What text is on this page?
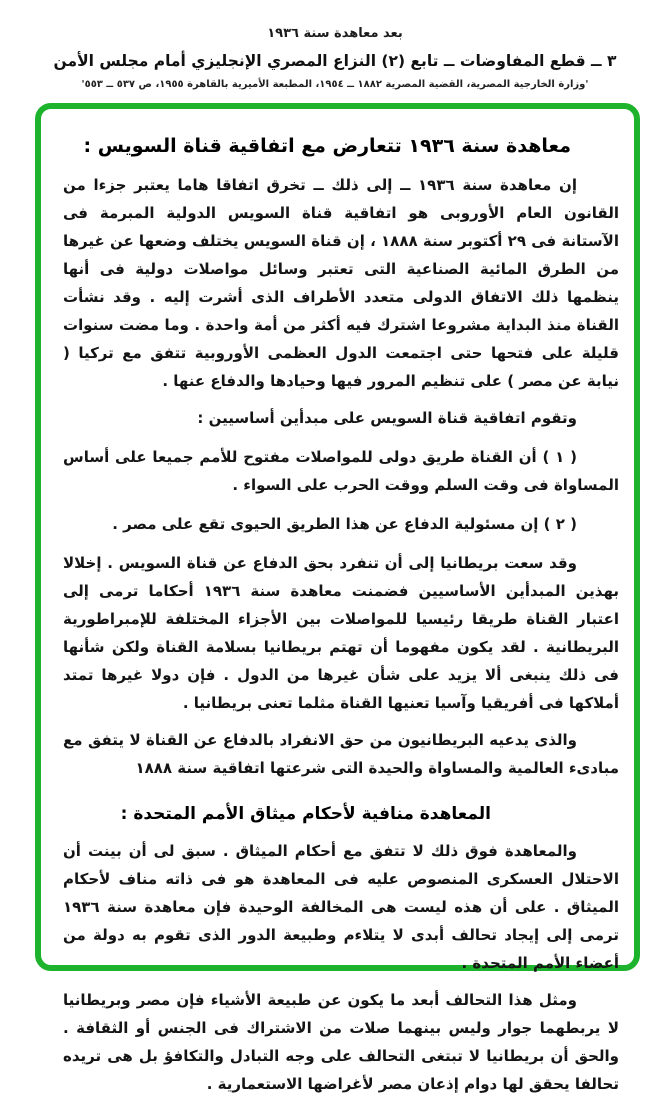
بعد معاهدة سنة ١٩٣٦
٣ ــ قطع المفاوضات ــ تابع (٢) النزاع المصري الإنجليزي أمام مجلس الأمن
'وزارة الخارجية المصرية، القضية المصرية ١٨٨٢ ــ ١٩٥٤، المطبعة الأميرية بالقاهرة ١٩٥٥، ص ٥٣٧ ــ ٥٥٣'
معاهدة سنة ١٩٣٦ تتعارض مع اتفاقية قناة السويس :

إن معاهدة سنة ١٩٣٦ ــ إلى ذلك ــ تخرق اتفاقا هاما يعتبر جزءا من القانون العام الأوروبى هو اتفاقية قناة السويس الدولية المبرمة فى الآستانة فى ٢٩ أكتوبر سنة ١٨٨٨ ، إن قناة السويس يختلف وضعها عن غيرها من الطرق المائية الصناعية التى تعتبر وسائل مواصلات دولية فى أنها ينظمها ذلك الاتفاق الدولى متعدد الأطراف الذى أشرت إليه . وقد نشأت القناة منذ البداية مشروعا اشترك فيه أكثر من أمة واحدة . وما مضت سنوات قليلة على فتحها حتى اجتمعت الدول العظمى الأوروبية تتفق مع تركيا ( نيابة عن مصر ) على تنظيم المرور فيها وحيادها والدفاع عنها .

وتقوم اتفاقية قناة السويس على مبدأين أساسيين :

( ١ ) أن القناة طريق دولى للمواصلات مفتوح للأمم جميعا على أساس المساواة فى وقت السلم ووقت الحرب على السواء .

( ٢ ) إن مسئولية الدفاع عن هذا الطريق الحيوى تقع على مصر .

وقد سعت بريطانيا إلى أن تنفرد بحق الدفاع عن قناة السويس . إخلالا بهذين المبدأين الأساسيين فضمنت معاهدة سنة ١٩٣٦ أحكاما ترمى إلى اعتبار القناة طريقا رئيسيا للمواصلات بين الأجزاء المختلفة للإمبراطورية البريطانية . لقد يكون مفهوما أن تهتم بريطانيا بسلامة القناة ولكن شأنها فى ذلك ينبغى ألا يزيد على شأن غيرها من الدول . فإن دولا غيرها تمتد أملاكها فى أفريقيا وآسيا تعنيها القناة مثلما تعنى بريطانيا .

والذى يدعيه البريطانيون من حق الانفراد بالدفاع عن القناة لا يتفق مع مبادىء العالمية والمساواة والحيدة التى شرعتها اتفاقية سنة ١٨٨٨

المعاهدة منافية لأحكام ميثاق الأمم المتحدة :

والمعاهدة فوق ذلك لا تتفق مع أحكام الميثاق . سبق لى أن بينت أن الاحتلال العسكرى المنصوص عليه فى المعاهدة هو فى ذاته مناف لأحكام الميثاق . على أن هذه ليست هى المخالفة الوحيدة فإن معاهدة سنة ١٩٣٦ ترمى إلى إيجاد تحالف أبدى لا يتلاءم وطبيعة الدور الذى تقوم به دولة من أعضاء الأمم المتحدة .

ومثل هذا التحالف أبعد ما يكون عن طبيعة الأشياء فإن مصر وبريطانيا لا يربطهما جوار وليس بينهما صلات من الاشتراك فى الجنس أو الثقافة . والحق أن بريطانيا لا تبتغى التحالف على وجه التبادل والتكافؤ بل هى تريده تحالفا يحقق لها دوام إذعان مصر لأغراضها الاستعمارية .
